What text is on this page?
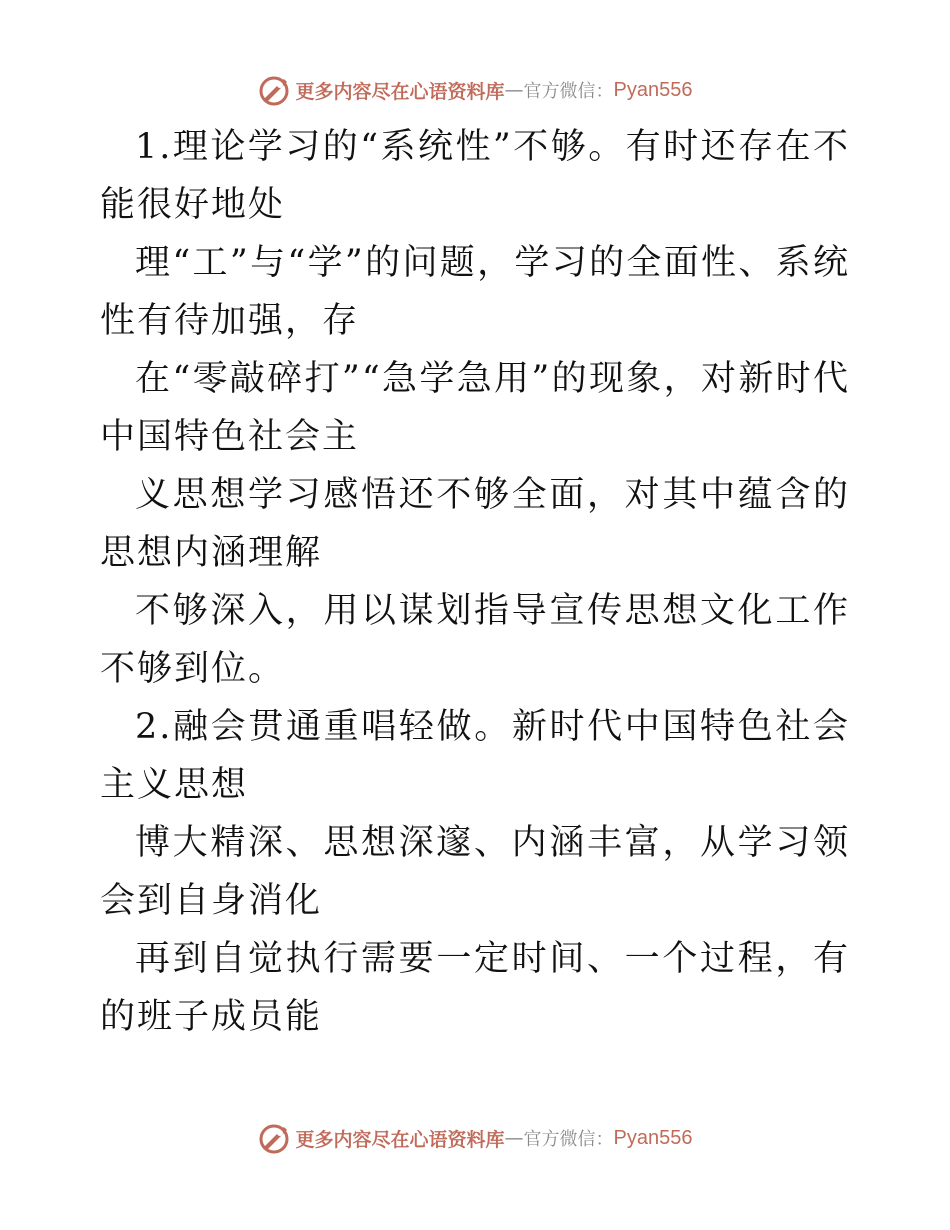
更多内容尽在心语资料库 — 官方微信： Pyan556

1.理论学习的“系统性”不够。有时还存在不能很好地处

理“工”与“学”的问题，学习的全面性、系统性有待加强，存

在“零敲碎打”“急学急用”的现象，对新时代中国特色社会主

义思想学习感悟还不够全面，对其中蕴含的思想内涵理解

不够深入，用以谋划指导宣传思想文化工作不够到位。

2.融会贯通重唱轻做。新时代中国特色社会主义思想

博大精深、思想深邃、内涵丰富，从学习领会到自身消化

再到自觉执行需要一定时间、一个过程，有的班子成员能

更多内容尽在心语资料库 — 官方微信： Pyan556
